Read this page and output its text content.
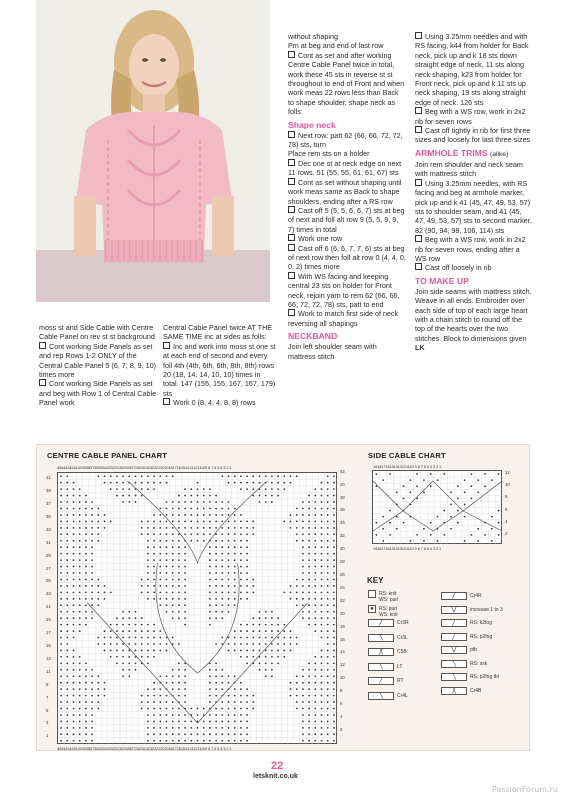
moss st and Side Cable with Centre Cable Panel on rev st st background

Cont working Side Panels as set and rep Rows 1-2 ONLY of the Central Cable Panel 5 (6, 7, 8, 9, 10) times more

Cont working Side Panels as set and beg with Row 1 of Central Cable Panel work

Central Cable Panel twice AT THE SAME TIME inc at sides as folls:

Inc and work into moss st one st at each end of second and every foll 4th (4th, 6th, 6th, 8th, 8th) rows 20 (18, 14, 14, 10, 10) times in total. 147 (155, 155, 167, 167, 179) sts

Work 0 (8, 4, 4, 8, 8) rows

without shaping

Pm at beg and end of last row

Cont as set and after working Centre Cable Panel twice in total, work these 45 sts in reverse st st throughout to end of Front and when work meas 22 rows less than Back to shape shoulder, shape neck as folls:

Shape neck

Next row: patt 62 (66, 66, 72, 72, 78) sts, turn

Place rem sts on a holder

Dec one st at neck edge on next 11 rows. 51 (55, 55, 61, 61, 67) sts

Cont as set without shaping until work meas same as Back to shape shoulders, ending after a RS row

Cast off 5 (5, 5, 6, 6, 7) sts at beg of next and foll alt row 9 (5, 5, 9, 9, 7) times in total

Work one row

Cast off 6 (6, 6, 7, 7, 6) sts at beg of next row then foll alt row 0 (4, 4, 0, 0, 2) times more

With WS facing and keeping central 23 sts on holder for Front neck, rejoin yarn to rem 62 (66, 66, 66, 72, 72, 78) sts, patt to end

Work to match first side of neck reversing all shapings

NECKBAND

Join left shoulder seam with mattress stitch

Using 3.25mm needles and with RS facing, k44 from holder for Back neck, pick up and k 18 sts down straight edge of neck, 11 sts along neck shaping, k23 from holder for Front neck, pick up and k 11 sts up neck shaping, 19 sts along straight edge of neck. 126 sts

Beg with a WS row, work in 2x2 rib for seven rows

Cast off tightly in rib for first three sizes and loosely for last three sizes

ARMHOLE TRIMS (alike)

Join rem shoulder and neck seam with mattress stitch

Using 3.25mm needles, with RS facing and beg at armhole marker, pick up and k 41 (45, 47, 49, 53, 57) sts to shoulder seam, and 41 (45, 47, 49, 53, 57) sts to second marker. 82 (90, 94, 98, 106, 114) sts

Beg with a WS row, work in 2x2 rib for seven rows, ending after a WS row

Cast off loosely in rib

TO MAKE UP

Join side seams with mattress stitch. Weave in all ends. Embroider over each side of top of each large heart with a chain stitch to round off the top of the hearts over the two stitches. Block to dimensions given LK

CENTRE CABLE PANEL CHART
4544434241403938373635343332313029282726252423222120191817161514131211109 8 7 6 5 4 3 2 1
4544434241403938373635343332313029282726252423222120191817161514131211109 8 7 6 5 4 3 2 1
41
39
37
35
33
31
29
27
25
23
21
19
17
15
13
11
9
7
5
3
1
42
40
38
36
34
32
30
28
26
24
22
20
18
16
14
12
10
8
6
4
2
SIDE CABLE CHART
19181716151413121110 9 8 7 6 5 4 3 2 1
19181716151413121110 9 8 7 6 5 4 3 2 1
12
10
8
6
4
2
KEY
RS: knit
WS: purl
●	RS: purl
WS: knit
╱	Cr3R
╲	Cr3L
╳	C5B
╲	LT
╱	RT
╲	Cr4L
╱	Cr4R
⋁	increase 1 to 3
╱	RS: k2tog
╱	RS: p2tog
⋁	pfb
╲	RS: ssk
╲	RS: p2tog tbl
╳	Cr4B
22
letsknit.co.uk
PassionForum.ru
